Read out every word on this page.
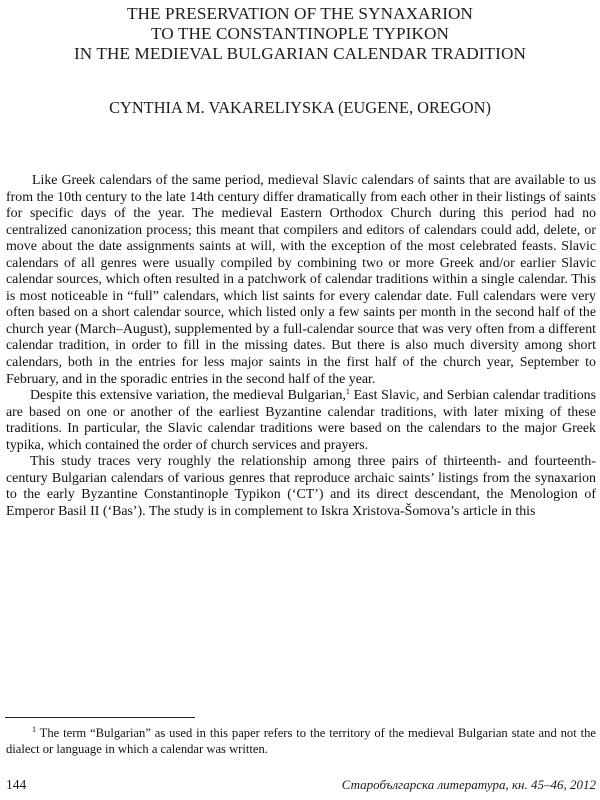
THE PRESERVATION OF THE SYNAXARION
TO THE CONSTANTINOPLE TYPIKON
IN THE MEDIEVAL BULGARIAN CALENDAR TRADITION
CYNTHIA M. VAKARELIYSKA (EUGENE, OREGON)

Like Greek calendars of the same period, medieval Slavic calendars of saints that are available to us from the 10th century to the late 14th century differ dramatically from each other in their listings of saints for specific days of the year. The medieval Eastern Orthodox Church during this period had no centralized canonization process; this meant that compilers and editors of calendars could add, delete, or move about the date assignments saints at will, with the exception of the most celebrated feasts. Slavic calendars of all genres were usually compiled by combining two or more Greek and/or earlier Slavic calendar sources, which often resulted in a patchwork of calendar traditions within a single calendar. This is most noticeable in “full” calendars, which list saints for every calendar date. Full calendars were very often based on a short calendar source, which listed only a few saints per month in the second half of the church year (March–August), supplemented by a full-calendar source that was very often from a different calendar tradition, in order to fill in the missing dates. But there is also much diversity among short calendars, both in the entries for less major saints in the first half of the church year, September to February, and in the sporadic entries in the second half of the year.

Despite this extensive variation, the medieval Bulgarian,$^1$ East Slavic, and Serbian calendar traditions are based on one or another of the earliest Byzantine calendar traditions, with later mixing of these traditions. In particular, the Slavic calendar traditions were based on the calendars to the major Greek typika, which contained the order of church services and prayers.

This study traces very roughly the relationship among three pairs of thirteenth- and fourteenth-century Bulgarian calendars of various genres that reproduce archaic saints’ listings from the synaxarion to the early Byzantine Constantinople Typikon (‘CT’) and its direct descendant, the Menologion of Emperor Basil II (‘Bas’). The study is in complement to Iskra Xristova-Šomova’s article in this

$^1$ The term “Bulgarian” as used in this paper refers to the territory of the medieval Bulgarian state and not the dialect or language in which a calendar was written.

144	Старобългарска литература, кн. 45–46, 2012
